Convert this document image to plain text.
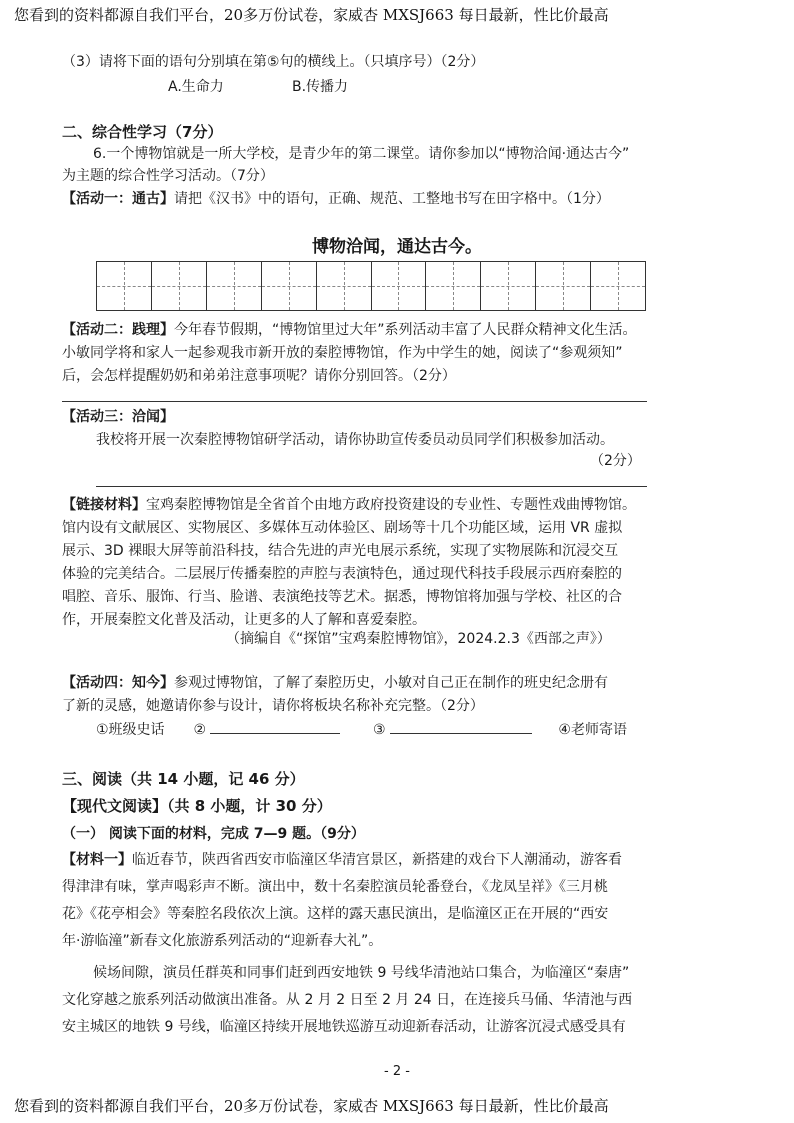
您看到的资料都源自我们平台，20多万份试卷，家威杏 MXSJ663 每日最新，性比价最高
（3）请将下面的语句分别填在第⑤句的横线上。（只填序号）（2分）
A.生命力	B.传播力
二、综合性学习（7分）
6.一个博物馆就是一所大学校，是青少年的第二课堂。请你参加以“博物洽闻·通达古今”
为主题的综合性学习活动。（7分）
【活动一：通古】请把《汉书》中的语句，正确、规范、工整地书写在田字格中。（1分）
博物洽闻，通达古今。
【活动二：践理】今年春节假期，“博物馆里过大年”系列活动丰富了人民群众精神文化生活。
小敏同学将和家人一起参观我市新开放的秦腔博物馆，作为中学生的她，阅读了“参观须知”
后，会怎样提醒奶奶和弟弟注意事项呢？请你分别回答。（2分）
【活动三：洽闻】
我校将开展一次秦腔博物馆研学活动，请你协助宣传委员动员同学们积极参加活动。
（2分）
【链接材料】宝鸡秦腔博物馆是全省首个由地方政府投资建设的专业性、专题性戏曲博物馆。
馆内设有文献展区、实物展区、多媒体互动体验区、剧场等十几个功能区域，运用 VR 虚拟
展示、3D 裸眼大屏等前沿科技，结合先进的声光电展示系统，实现了实物展陈和沉浸交互
体验的完美结合。二层展厅传播秦腔的声腔与表演特色，通过现代科技手段展示西府秦腔的
唱腔、音乐、服饰、行当、脸谱、表演绝技等艺术。据悉，博物馆将加强与学校、社区的合
作，开展秦腔文化普及活动，让更多的人了解和喜爱秦腔。
（摘编自《“探馆”宝鸡秦腔博物馆》，2024.2.3《西部之声》）
【活动四：知今】参观过博物馆，了解了秦腔历史，小敏对自己正在制作的班史纪念册有
了新的灵感，她邀请你参与设计，请你将板块名称补充完整。（2分）
①班级史话 ②	③	④老师寄语
三、阅读（共 14 小题，记 46 分）
【现代文阅读】（共 8 小题，计 30 分）
（一） 阅读下面的材料，完成 7—9 题。（9分）
【材料一】临近春节，陕西省西安市临潼区华清宫景区，新搭建的戏台下人潮涌动，游客看
得津津有味，掌声喝彩声不断。演出中，数十名秦腔演员轮番登台，《龙凤呈祥》《三月桃
花》《花亭相会》等秦腔名段依次上演。这样的露天惠民演出，是临潼区正在开展的“西安
年·游临潼”新春文化旅游系列活动的“迎新春大礼”。
候场间隙，演员任群英和同事们赶到西安地铁 9 号线华清池站口集合，为临潼区“秦唐”
文化穿越之旅系列活动做演出准备。从 2 月 2 日至 2 月 24 日，在连接兵马俑、华清池与西
安主城区的地铁 9 号线，临潼区持续开展地铁巡游互动迎新春活动，让游客沉浸式感受具有
- 2 -
您看到的资料都源自我们平台，20多万份试卷，家威杏 MXSJ663 每日最新，性比价最高
